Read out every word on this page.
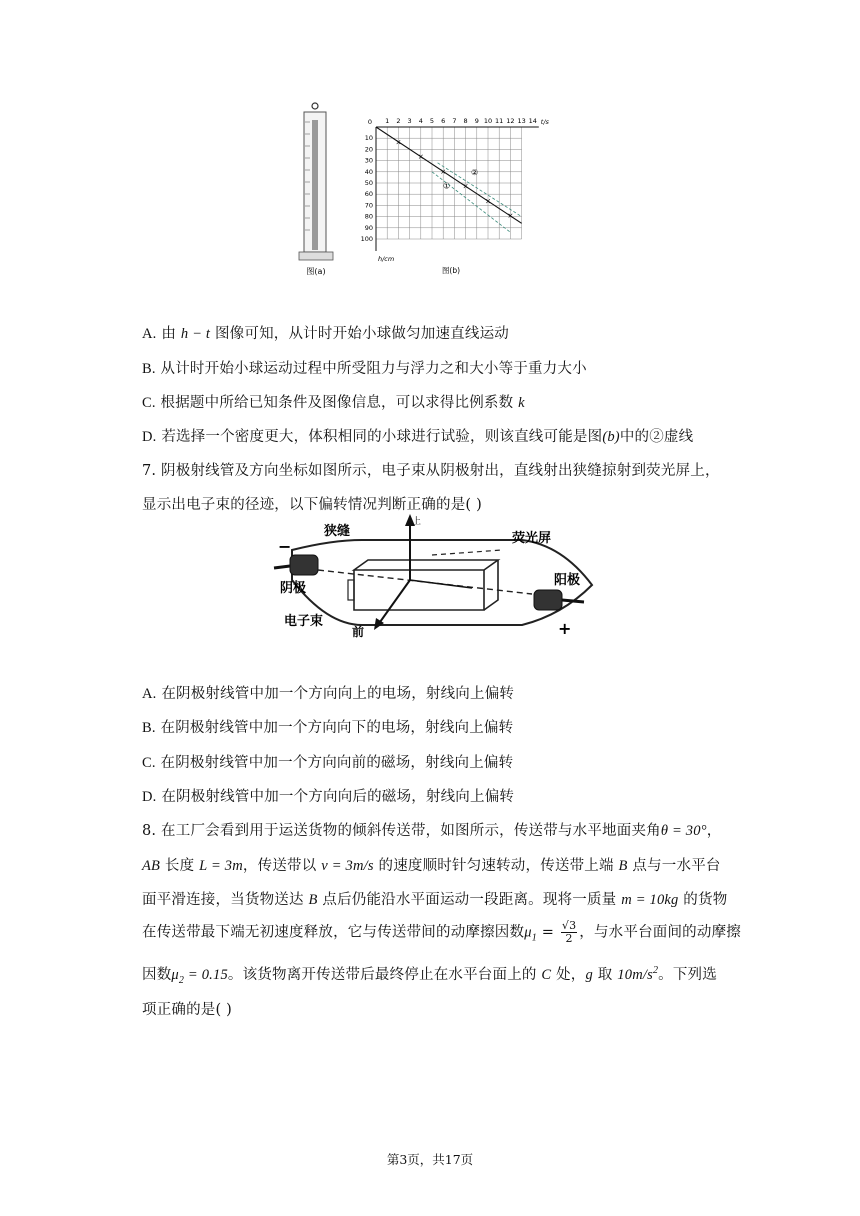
图(a)
1 2 3 4 5 6 7 8 9 10 11 12 13 14
10
20
30
40
50
60
70
80
90
100
0	t/s
h/cm
×
×
×
×
×
×
①
②
图(b)
A. 由 h − t 图像可知，从计时开始小球做匀加速直线运动
B. 从计时开始小球运动过程中所受阻力与浮力之和大小等于重力大小
C. 根据题中所给已知条件及图像信息，可以求得比例系数 k
D. 若选择一个密度更大，体积相同的小球进行试验，则该直线可能是图(b)中的②虚线
7. 阴极射线管及方向坐标如图所示，电子束从阴极射出，直线射出狭缝掠射到荧光屏上，
显示出电子束的径迹，以下偏转情况判断正确的是( )
狭缝	荧光屏
阴极
阳极
电子束
前
上
−
+
A. 在阴极射线管中加一个方向向上的电场，射线向上偏转
B. 在阴极射线管中加一个方向向下的电场，射线向上偏转
C. 在阴极射线管中加一个方向向前的磁场，射线向上偏转
D. 在阴极射线管中加一个方向向后的磁场，射线向上偏转
8. 在工厂会看到用于运送货物的倾斜传送带，如图所示，传送带与水平地面夹角θ = 30°，
AB 长度 L = 3m，传送带以 v = 3m/s 的速度顺时针匀速转动，传送带上端 B 点与一水平台
面平滑连接，当货物送达 B 点后仍能沿水平面运动一段距离。现将一质量 m = 10kg 的货物
在传送带最下端无初速度释放，它与传送带间的动摩擦因数$\mu_1 = \frac{√3}{2}$ ，与水平台面间的动摩擦
因数$\mu_2 = 0.15$。该货物离开传送带后最终停止在水平台面上的 C 处，g 取 $10m/s^2$。下列选
项正确的是( )
第3页，共17页
